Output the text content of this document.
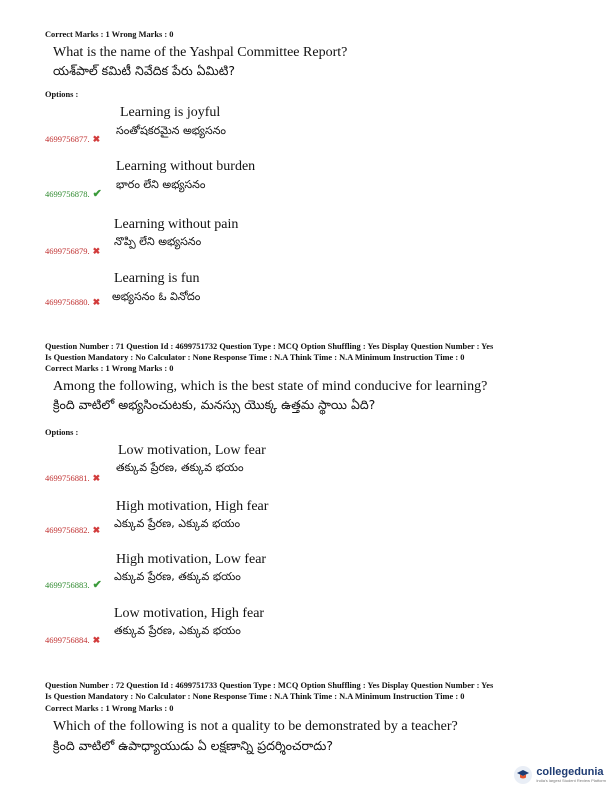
Correct Marks : 1 Wrong Marks : 0
What is the name of the Yashpal Committee Report?
యశ్‌పాల్ కమిటీ నివేదిక పేరు ఏమిటి?
Options :
Learning is joyful
సంతోషకరమైన అభ్యసనం
4699756877. ✖
Learning without burden
భారం లేని అభ్యసనం
4699756878. ✔
Learning without pain
నొప్పి లేని అభ్యసనం
4699756879. ✖
Learning is fun
అభ్యసనం ఓ వినోదం
4699756880. ✖
Question Number : 71 Question Id : 4699751732 Question Type : MCQ Option Shuffling : Yes Display Question Number : Yes
Is Question Mandatory : No Calculator : None Response Time : N.A Think Time : N.A Minimum Instruction Time : 0
Correct Marks : 1 Wrong Marks : 0
Among the following, which is the best state of mind conducive for learning?
క్రింది వాటిలో అభ్యసించుటకు, మనస్సు యొక్క ఉత్తమ స్థాయి ఏది?
Options :
Low motivation, Low fear
తక్కువ ప్రేరణ, తక్కువ భయం
4699756881. ✖
High motivation, High fear
ఎక్కువ ప్రేరణ, ఎక్కువ భయం
4699756882. ✖
High motivation, Low fear
ఎక్కువ ప్రేరణ, తక్కువ భయం
4699756883. ✔
Low motivation, High fear
తక్కువ ప్రేరణ, ఎక్కువ భయం
4699756884. ✖
Question Number : 72 Question Id : 4699751733 Question Type : MCQ Option Shuffling : Yes Display Question Number : Yes
Is Question Mandatory : No Calculator : None Response Time : N.A Think Time : N.A Minimum Instruction Time : 0
Correct Marks : 1 Wrong Marks : 0
Which of the following is not a quality to be demonstrated by a teacher?
క్రింది వాటిలో ఉపాధ్యాయుడు ఏ లక్షణాన్ని ప్రదర్శించరాదు?
collegedunia
India's largest Student Review Platform
